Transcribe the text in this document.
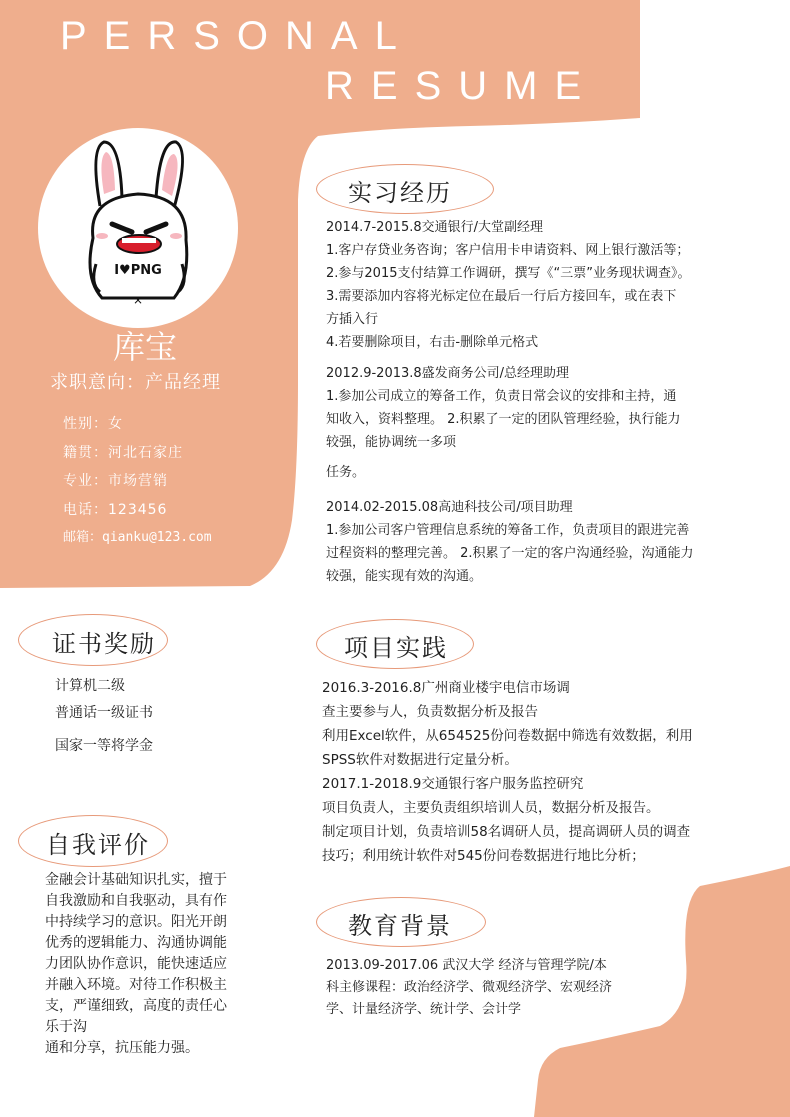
PERSONAL
RESUME
I♥PNG
×
库宝
求职意向：产品经理
性别：女
籍贯：河北石家庄
专业：市场营销
电话：123456
邮箱：qianku@123.com
证书奖励
计算机二级
普通话一级证书
国家一等将学金
自我评价
金融会计基础知识扎实，擅于
自我激励和自我驱动，具有作
中持续学习的意识。阳光开朗
优秀的逻辑能力、沟通协调能
力团队协作意识，能快速适应
并融入环境。对待工作积极主
支，严谨细致，高度的责任心
乐于沟
通和分享，抗压能力强。
实习经历
2014.7-2015.8交通银行/大堂副经理
1.客户存贷业务咨询；客户信用卡申请资料、网上银行激活等；
2.参与2015支付结算工作调研，撰写《“三票”业务现状调查》。
3.需要添加内容将光标定位在最后一行后方接回车，或在表下
方插入行
4.若要删除项目，右击-删除单元格式
2012.9-2013.8盛发商务公司/总经理助理
1.参加公司成立的筹备工作，负责日常会议的安排和主持，通
知收入，资料整理。 2.积累了一定的团队管理经验，执行能力
较强，能协调统一多项
任务。
2014.02-2015.08高迪科技公司/项目助理
1.参加公司客户管理信息系统的筹备工作，负责项目的跟进完善
过程资料的整理完善。 2.积累了一定的客户沟通经验，沟通能力
较强，能实现有效的沟通。
项目实践
2016.3-2016.8广州商业楼宇电信市场调
查主要参与人，负责数据分析及报告
利用Excel软件，从654525份问卷数据中筛选有效数据，利用
SPSS软件对数据进行定量分析。
2017.1-2018.9交通银行客户服务监控研究
项目负责人，主要负责组织培训人员，数据分析及报告。
制定项目计划，负责培训58名调研人员，提高调研人员的调查
技巧；利用统计软件对545份问卷数据进行地比分析；
教育背景
2013.09-2017.06 武汉大学 经济与管理学院/本
科主修课程：政治经济学、微观经济学、宏观经济
学、计量经济学、统计学、会计学
